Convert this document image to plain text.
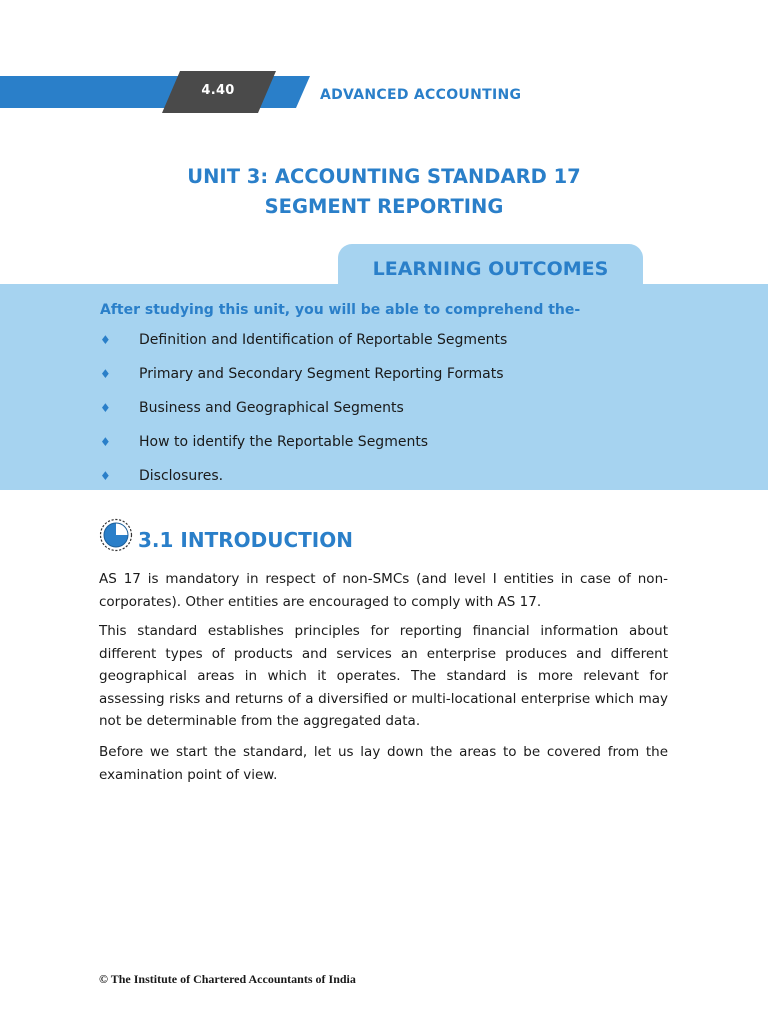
4.40	ADVANCED ACCOUNTING
UNIT 3: ACCOUNTING STANDARD 17
SEGMENT REPORTING
LEARNING OUTCOMES
After studying this unit, you will be able to comprehend the-
♦ Definition and Identification of Reportable Segments
♦ Primary and Secondary Segment Reporting Formats
♦ Business and Geographical Segments
♦ How to identify the Reportable Segments
♦ Disclosures.
3.1 INTRODUCTION

AS 17 is mandatory in respect of non-SMCs (and level I entities in case of non-corporates). Other entities are encouraged to comply with AS 17.

This standard establishes principles for reporting financial information about different types of products and services an enterprise produces and different geographical areas in which it operates. The standard is more relevant for assessing risks and returns of a diversified or multi-locational enterprise which may not be determinable from the aggregated data.

Before we start the standard, let us lay down the areas to be covered from the examination point of view.

© The Institute of Chartered Accountants of India
